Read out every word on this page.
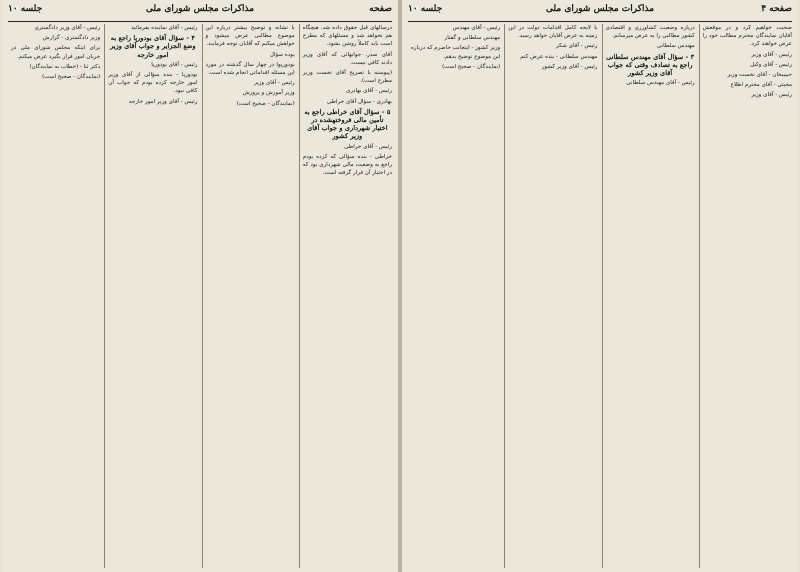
صفحه
مذاکرات مجلس شورای ملی
جلسه ۱۰

درسالهای قبل حقوق داده شد. هیچگاه هم نخواهد شد و مسئلهای که مطرح است باید کاملاً روشن بشود.

آقای صدر. جوابهائی که آقای وزیر دادند کافی نیست.

(پیوسته با تصریح آقای نخست وزیر مطرح است).

رئیس - آقای بهادری

بهادری - سؤال آقای خراطی

۵ - سؤال آقای خراطی راجع به تأمین مالی فروختهشده در اختیار شهرداری و جواب آقای وزیر کشور

رئیس - آقای خراطی

خراطی - بنده سؤالی که کرده بودم راجع به وضعیت مالی شهرداری بود که در اختیار آن قرار گرفته است.

با نشانه و توضیح بیشتر درباره این موضوع مطالبی عرض میشود و خواهش میکنم که آقایان توجه فرمایند.

بوده سؤال

بودورپوا در چهار سال گذشته در مورد این مسئله اقداماتی انجام شده است.

رئیس - آقای وزیر

وزیر آموزش و پرورش

(نمایندگان - صحیح است)

رئیس - آقای نماینده بفرمائید

۴ - سؤال آقای بودورپا راجع به وضع الجزایر و جواب آقای وزیر امور خارجه

رئیس - آقای بودورپا

بودورپا - بنده سؤالی از آقای وزیر امور خارجه کرده بودم که جواب آن کافی نبود.

رئیس - آقای وزیر امور خارجه

رئیس - آقای وزیر دادگستری

وزیر دادگستری - گزارش

برای اینکه مجلس شورای ملی در جریان امور قرار بگیرد عرض میکنم.

دکتر ثنا - (خطاب به نمایندگان)

(نمایندگان - صحیح است)

صفحه ۴
مذاکرات مجلس شورای ملی
جلسه ۱۰

صحبت خواهیم کرد و در موقعش آقایان نمایندگان محترم مطالب خود را عرض خواهند کرد.

رئیس - آقای وزیر

رئیس - آقای وکیل

حبیبیخان - آقای نخست وزیر

مجیتی - آقای محترم اطلاع

رئیس - آقای وزیر

درباره وضعیت کشاورزی و اقتصادی کشور مطالبی را به عرض میرسانم.

مهندس سلطانی

۳ - سؤال آقای مهندس سلطانی راجع به تصادف وقتی که جواب آقای وزیر کشور

رئیس - آقای مهندس سلطانی

با لایحه کامل اقدامات دولت در این زمینه به عرض آقایان خواهد رسید.

رئیس - آقای شکر

مهندس سلطانی - بنده عرض کنم

رئیس - آقای وزیر کشور

رئیس - آقای مهندس

مهندس سلطانی و گفتار

وزیر کشور - اینجانب حاضرم که درباره این موضوع توضیح بدهم.

(نمایندگان - صحیح است)
